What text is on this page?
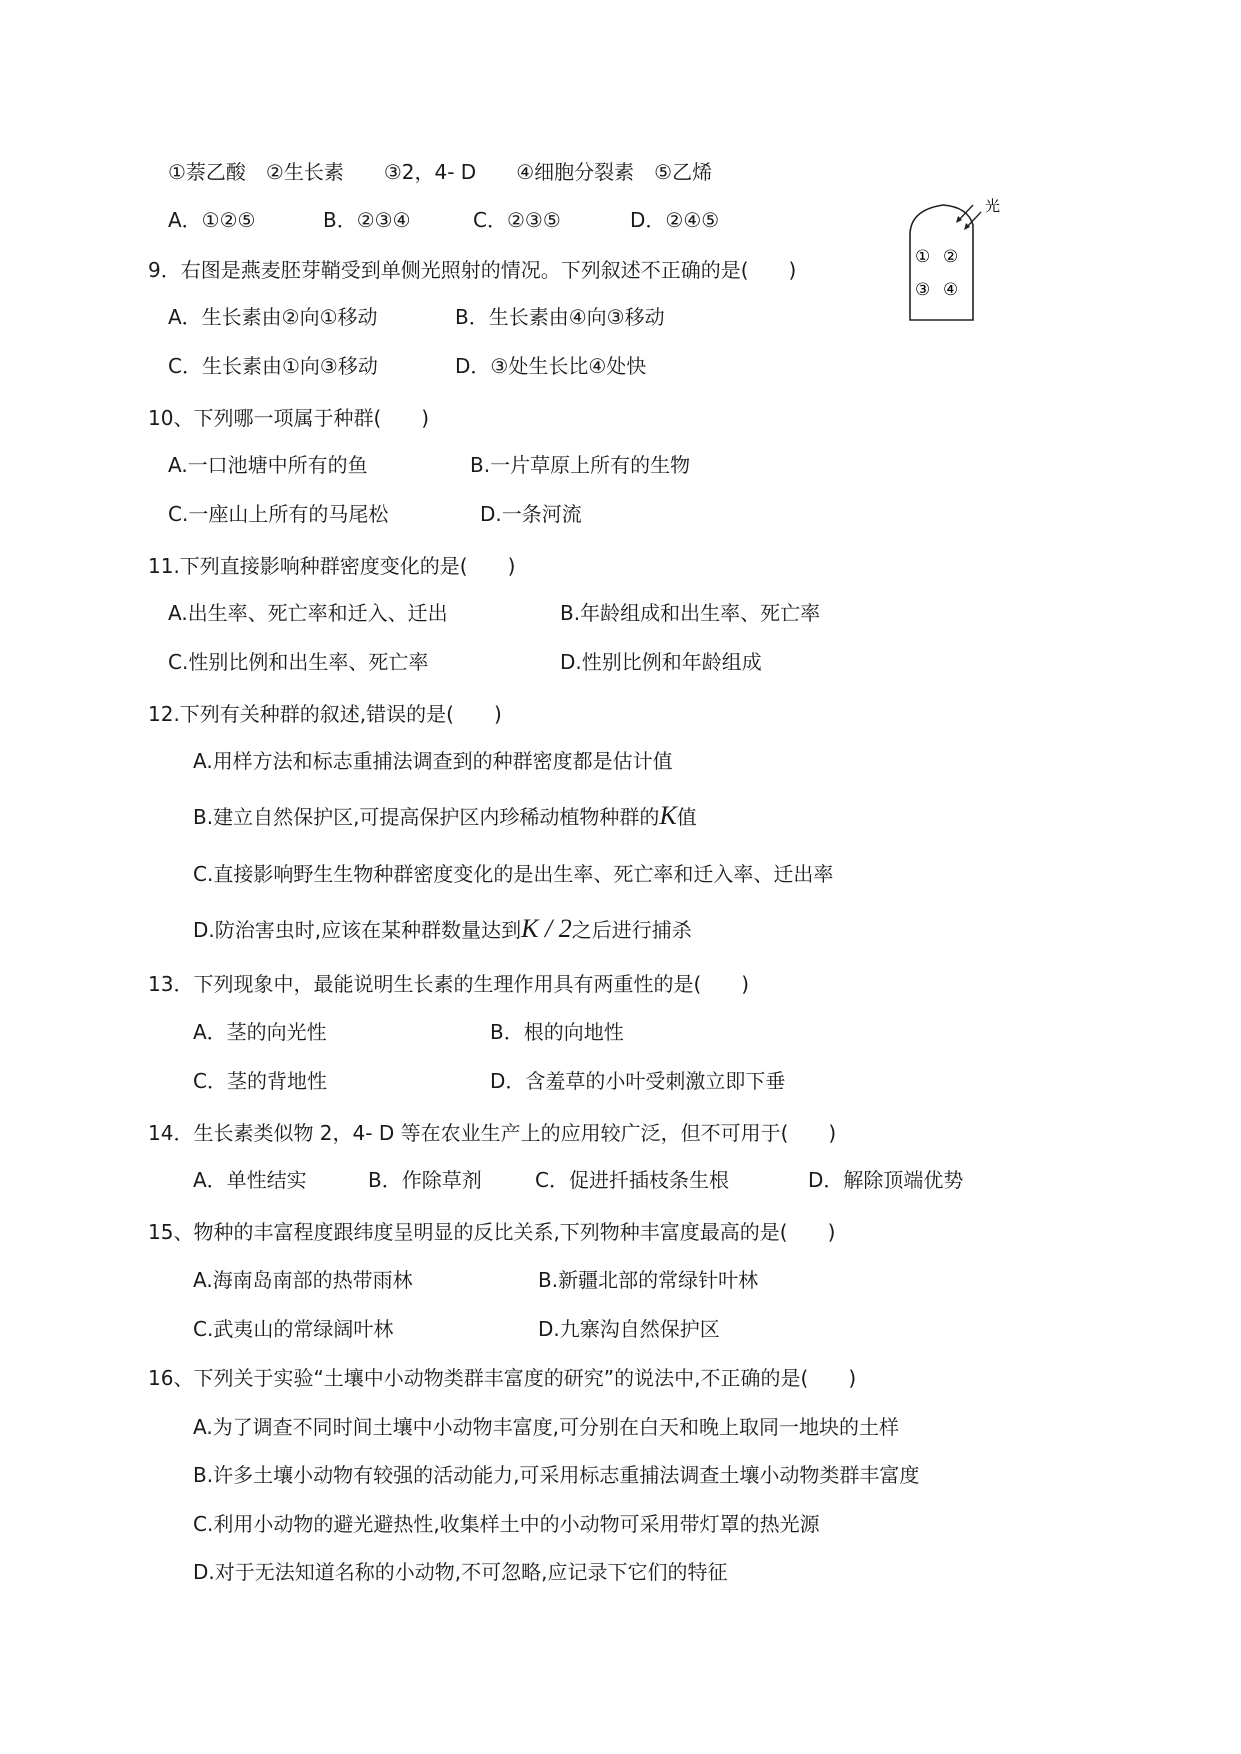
①萘乙酸　②生长素　　③2，4- D　　④细胞分裂素　⑤乙烯
A．①②⑤	B．②③④	C．②③⑤	D．②④⑤
9．右图是燕麦胚芽鞘受到单侧光照射的情况。下列叙述不正确的是(　　)
A．生长素由②向①移动	B．生长素由④向③移动
C．生长素由①向③移动	D．③处生长比④处快
光
① ②
③ ④
10、下列哪一项属于种群(　　)
A.一口池塘中所有的鱼	B.一片草原上所有的生物
C.一座山上所有的马尾松	D.一条河流
11.下列直接影响种群密度变化的是(　　)
A.出生率、死亡率和迁入、迁出	B.年龄组成和出生率、死亡率
C.性别比例和出生率、死亡率	D.性别比例和年龄组成
12.下列有关种群的叙述,错误的是(　　)
A.用样方法和标志重捕法调查到的种群密度都是估计值
B.建立自然保护区,可提高保护区内珍稀动植物种群的K值
C.直接影响野生生物种群密度变化的是出生率、死亡率和迁入率、迁出率
D.防治害虫时,应该在某种群数量达到K / 2之后进行捕杀
13．下列现象中，最能说明生长素的生理作用具有两重性的是(　　)
A．茎的向光性	B．根的向地性
C．茎的背地性	D．含羞草的小叶受刺激立即下垂
14．生长素类似物 2，4- D 等在农业生产上的应用较广泛，但不可用于(　　)
A．单性结实	B．作除草剂	C．促进扦插枝条生根	D．解除顶端优势
15、物种的丰富程度跟纬度呈明显的反比关系,下列物种丰富度最高的是(　　)
A.海南岛南部的热带雨林	B.新疆北部的常绿针叶林
C.武夷山的常绿阔叶林	D.九寨沟自然保护区
16、下列关于实验“土壤中小动物类群丰富度的研究”的说法中,不正确的是(　　)
A.为了调查不同时间土壤中小动物丰富度,可分别在白天和晚上取同一地块的土样
B.许多土壤小动物有较强的活动能力,可采用标志重捕法调查土壤小动物类群丰富度
C.利用小动物的避光避热性,收集样土中的小动物可采用带灯罩的热光源
D.对于无法知道名称的小动物,不可忽略,应记录下它们的特征
